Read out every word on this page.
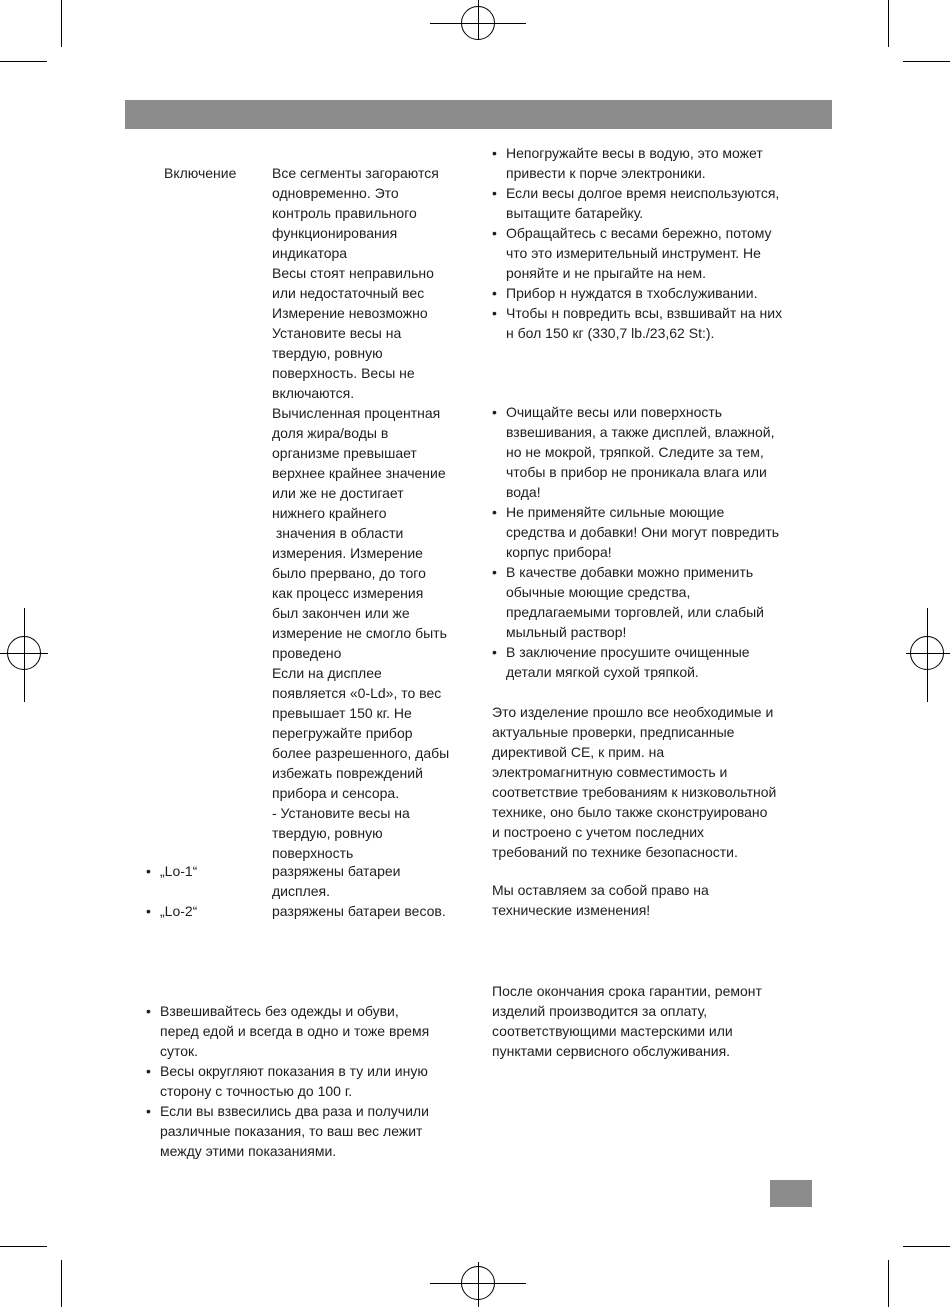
Включение	Все сегменты загораются
одновременно. Это
контроль правильного
функционирования
индикатора
Весы стоят неправильно
или недостаточный вес
Измерение невозможно
Установите весы на
твердую, ровную
поверхность. Весы не
включаются.
Вычисленная процентная
доля жира/воды в
организме превышает
верхнее крайнее значение
или же не достигает
нижнего крайнего
значения в области
измерения. Измерение
было прервано, до того
как процесс измерения
был закончен или же
измерение не смогло быть
проведено
Если на дисплее
появляется «0-Ld», то вес
превышает 150 кг. Не
перегружайте прибор
более разрешенного, дабы
избежать повреждений
прибора и сенсора.
- Установите весы на
твердую, ровную
поверхность
• „Lo-1“	разряжены батареи
дисплея.
• „Lo-2“	разряжены батареи весов.
• Взвешивайтесь без одежды и обуви,
перед едой и всегда в одно и тоже время
суток.
• Весы округляют показания в ту или иную
сторону с точностью до 100 г.
• Если вы взвесились два раза и получили
различные показания, то ваш вес лежит
между этими показаниями.
• Непогружайте весы в водую, это может
привести к порче электроники.
• Если весы долгое время неиспользуются,
вытащите батарейку.
• Обращайтесь с весами бережно, потому
что это измерительный инструмент. Не
роняйте и не прыгайте на нем.
• Прибор н нуждатся в тхобслуживании.
• Чтобы н повредить всы, взвшивайт на них
н бол 150 кг (330,7 lb./23,62 St:).
• Очищайте весы или поверхность
взвешивания, а также дисплей, влажной,
но не мокрой, тряпкой. Следите за тем,
чтобы в прибор не проникала влага или
вода!
• Не применяйте сильные моющие
средства и добавки! Они могут повредить
корпус прибора!
• В качестве добавки можно применить
обычные моющие средства,
предлагаемыми торговлей, или слабый
мыльный раствор!
• В заключение просушите очищенные
детали мягкой сухой тряпкой.
Это изделение прошло все необходимые и
актуальные проверки, предписанные
директивой СЕ, к прим. на
электромагнитную совместимость и
соответствие требованиям к низковольтной
технике, оно было также сконструировано
и построено с учетом последних
требований по технике безопасности.
Мы оставляем за собой право на
технические изменения!
После окончания срока гарантии, ремонт
изделий производится за оплату,
соответствующими мастерскими или
пунктами сервисного обслуживания.
